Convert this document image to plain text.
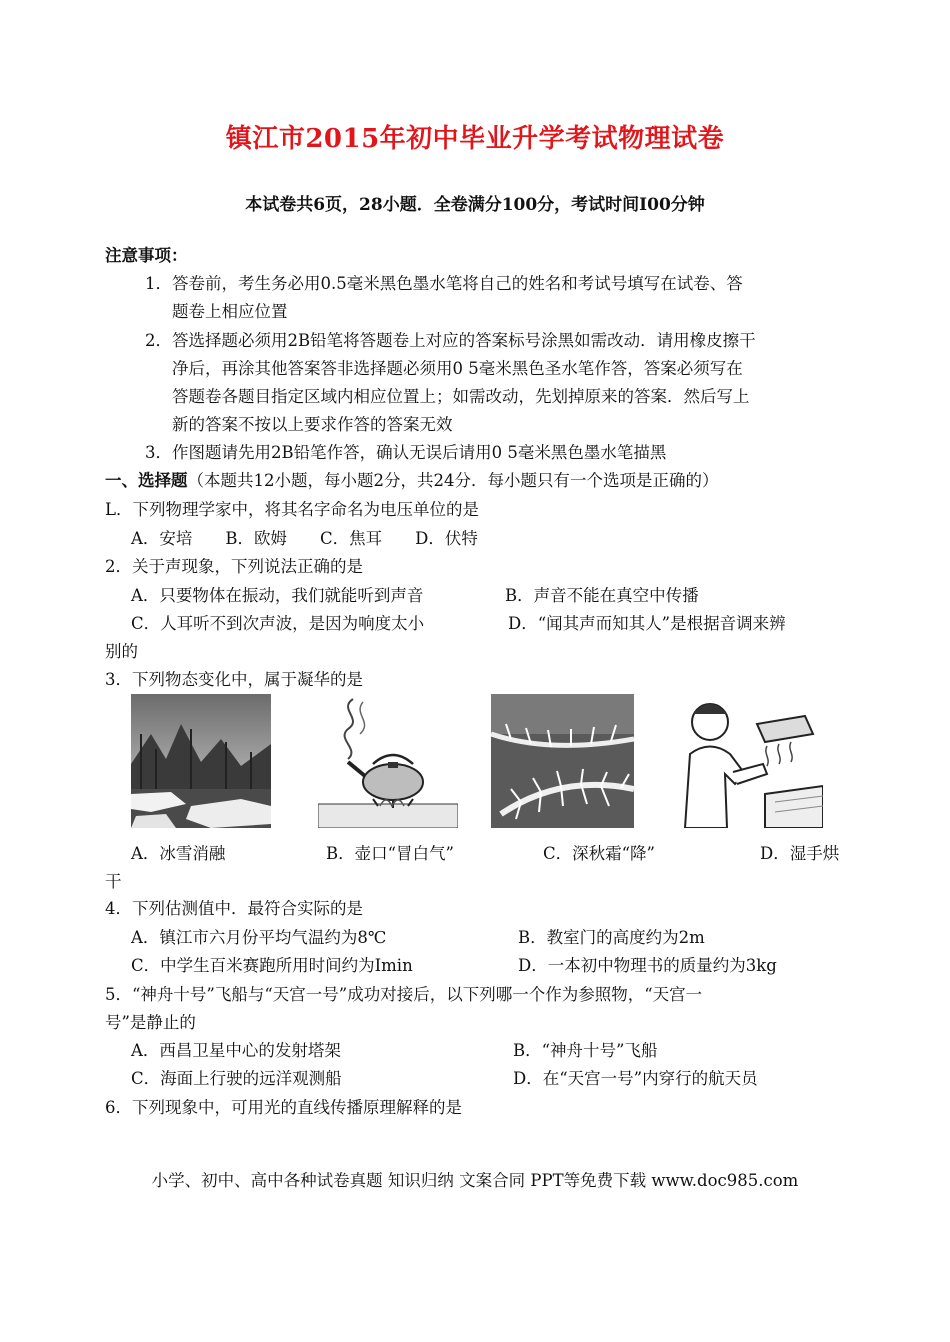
镇江市2015年初中毕业升学考试物理试卷
本试卷共6页，28小题．全卷满分100分，考试时间I00分钟
注意事项：
1．答卷前，考生务必用0.5毫米黑色墨水笔将自己的姓名和考试号填写在试卷、答
题卷上相应位置
2．答选择题必须用2B铅笔将答题卷上对应的答案标号涂黑如需改动．请用橡皮擦干
净后，再涂其他答案答非选择题必须用0 5毫米黑色圣水笔作答，答案必须写在
答题卷各题目指定区域内相应位置上；如需改动，先划掉原来的答案．然后写上
新的答案不按以上要求作答的答案无效
3．作图题请先用2B铅笔作答，确认无误后请用0 5毫米黑色墨水笔描黑
一、选择题（本题共12小题，每小题2分，共24分．每小题只有一个选项是正确的）
L．下列物理学家中，将其名字命名为电压单位的是
A．安培　　B．欧姆　　C．焦耳　　D．伏特
2．关于声现象，下列说法正确的是
A．只要物体在振动，我们就能听到声音	B．声音不能在真空中传播
C．人耳听不到次声波，是因为响度太小	D．“闻其声而知其人”是根据音调来辨
别的
3．下列物态变化中，属于凝华的是
A．冰雪消融	B．壶口“冒白气”	C．深秋霜“降”	D．湿手烘
干
4．下列估测值中．最符合实际的是
A．镇江市六月份平均气温约为8℃	B．教室门的高度约为2m
C．中学生百米赛跑所用时间约为Imin	D．一本初中物理书的质量约为3kg
5．“神舟十号”飞船与“天宫一号”成功对接后，以下列哪一个作为参照物，“天宫一
号”是静止的
A．西昌卫星中心的发射塔架	B．“神舟十号”飞船
C．海面上行驶的远洋观测船	D．在“天宫一号”内穿行的航天员
6．下列现象中，可用光的直线传播原理解释的是
小学、初中、高中各种试卷真题 知识归纳 文案合同 PPT等免费下载 www.doc985.com
